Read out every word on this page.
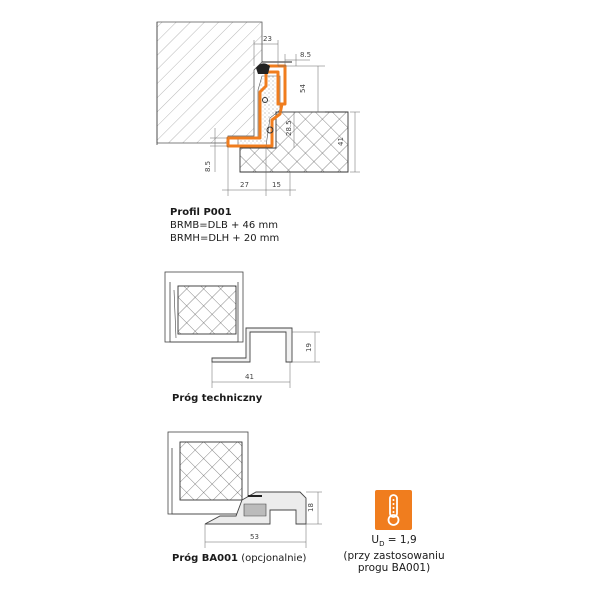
23
8.5
54
28.5
41
8.5
27	15
19
41
18
53
Profil P001
BRMB=DLB + 46 mm
BRMH=DLH + 20 mm
Próg techniczny
Próg BA001 (opcjonalnie)
$U_D = 1,9$
(przy zastosowaniu
progu BA001)
